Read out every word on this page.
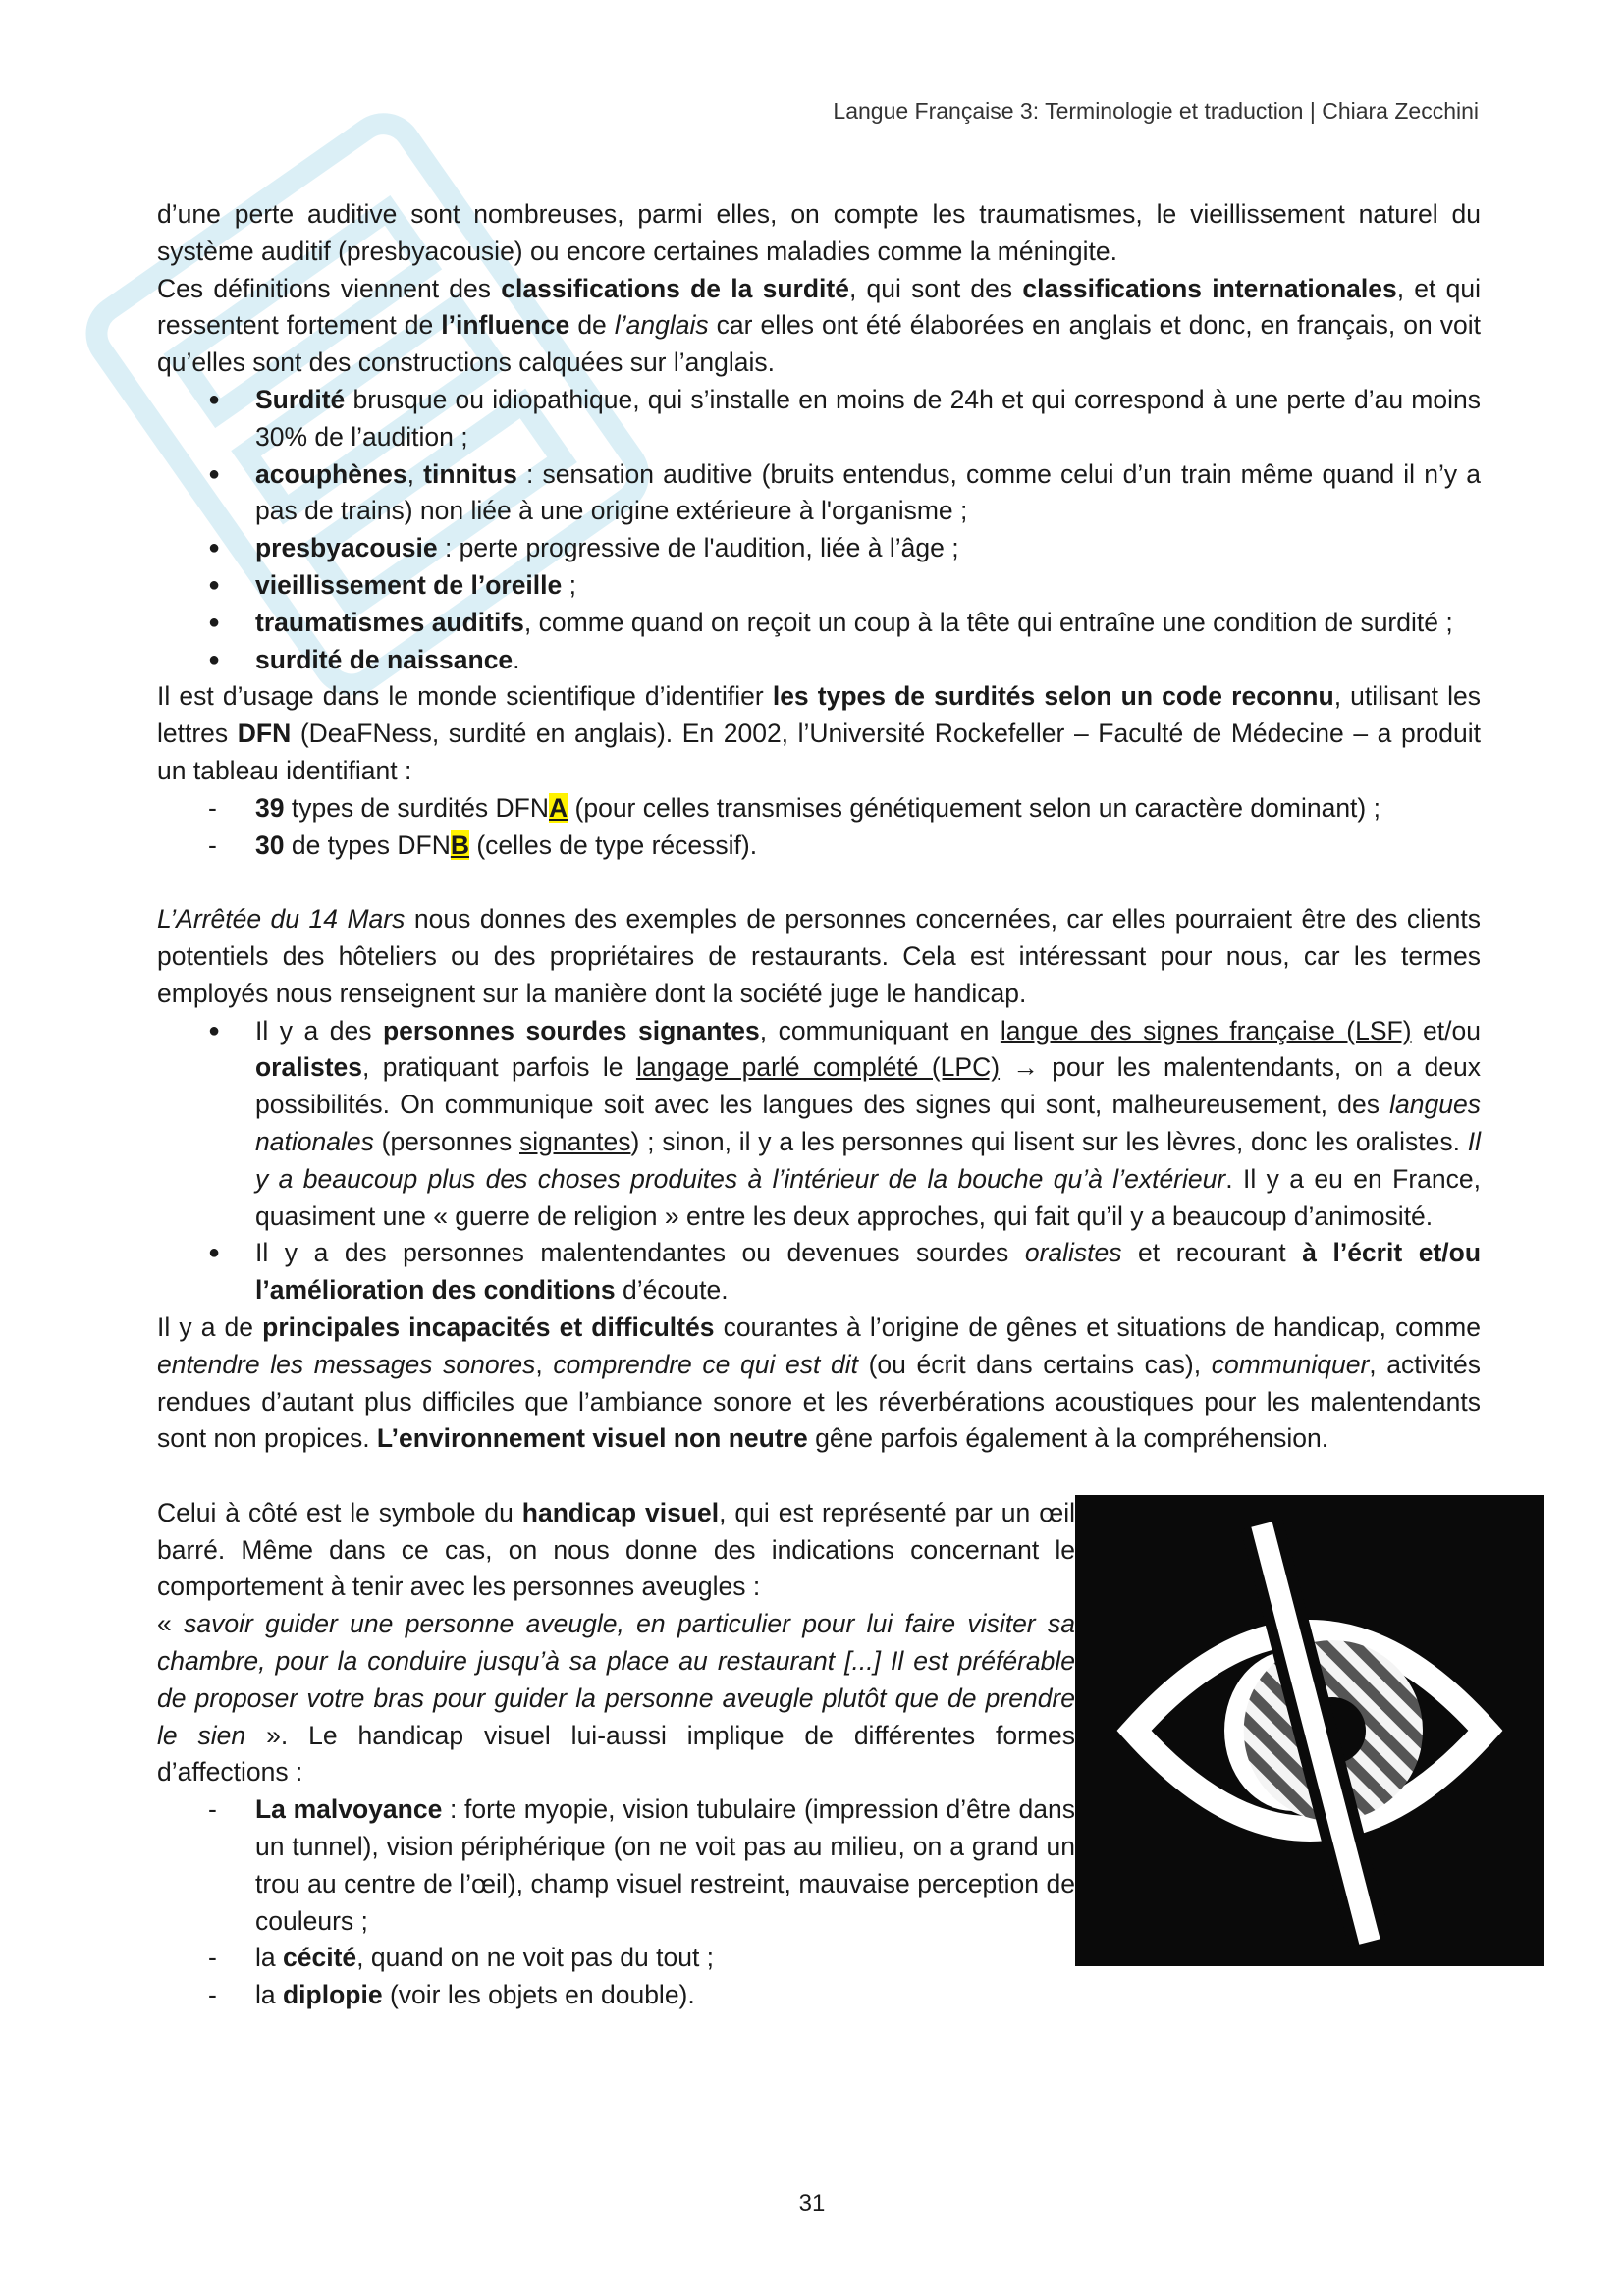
Langue Française 3: Terminologie et traduction | Chiara Zecchini

d’une perte auditive sont nombreuses, parmi elles, on compte les traumatismes, le vieillissement naturel du système auditif (presbyacousie) ou encore certaines maladies comme la méningite.

Ces définitions viennent des classifications de la surdité, qui sont des classifications internationales, et qui ressentent fortement de l’influence de l’anglais car elles ont été élaborées en anglais et donc, en français, on voit qu’elles sont des constructions calquées sur l’anglais.

● Surdité brusque ou idiopathique, qui s’installe en moins de 24h et qui correspond à une perte d’au moins 30% de l’audition ;
● acouphènes, tinnitus : sensation auditive (bruits entendus, comme celui d’un train même quand il n’y a pas de trains) non liée à une origine extérieure à l'organisme ;
● presbyacousie : perte progressive de l'audition, liée à l’âge ;
● vieillissement de l’oreille ;
● traumatismes auditifs, comme quand on reçoit un coup à la tête qui entraîne une condition de surdité ;
● surdité de naissance.

Il est d’usage dans le monde scientifique d’identifier les types de surdités selon un code reconnu, utilisant les lettres DFN (DeaFNess, surdité en anglais). En 2002, l’Université Rockefeller – Faculté de Médecine – a produit un tableau identifiant :

- 39 types de surdités DFNA (pour celles transmises génétiquement selon un caractère dominant) ;
- 30 de types DFNB (celles de type récessif).

L’Arrêtée du 14 Mars nous donnes des exemples de personnes concernées, car elles pourraient être des clients potentiels des hôteliers ou des propriétaires de restaurants. Cela est intéressant pour nous, car les termes employés nous renseignent sur la manière dont la société juge le handicap.

● Il y a des personnes sourdes signantes, communiquant en langue des signes française (LSF) et/ou oralistes, pratiquant parfois le langage parlé complété (LPC) → pour les malentendants, on a deux possibilités. On communique soit avec les langues des signes qui sont, malheureusement, des langues nationales (personnes signantes) ; sinon, il y a les personnes qui lisent sur les lèvres, donc les oralistes. Il y a beaucoup plus des choses produites à l’intérieur de la bouche qu’à l’extérieur. Il y a eu en France, quasiment une « guerre de religion » entre les deux approches, qui fait qu’il y a beaucoup d’animosité.
● Il y a des personnes malentendantes ou devenues sourdes oralistes et recourant à l’écrit et/ou l’amélioration des conditions d’écoute.

Il y a de principales incapacités et difficultés courantes à l’origine de gênes et situations de handicap, comme entendre les messages sonores, comprendre ce qui est dit (ou écrit dans certains cas), communiquer, activités rendues d’autant plus difficiles que l’ambiance sonore et les réverbérations acoustiques pour les malentendants sont non propices. L’environnement visuel non neutre gêne parfois également à la compréhension.

Celui à côté est le symbole du handicap visuel, qui est représenté par un œil barré. Même dans ce cas, on nous donne des indications concernant le comportement à tenir avec les personnes aveugles :
« savoir guider une personne aveugle, en particulier pour lui faire visiter sa chambre, pour la conduire jusqu’à sa place au restaurant [...] Il est préférable de proposer votre bras pour guider la personne aveugle plutôt que de prendre le sien ». Le handicap visuel lui-aussi implique de différentes formes d’affections :

- La malvoyance : forte myopie, vision tubulaire (impression d’être dans un tunnel), vision périphérique (on ne voit pas au milieu, on a grand un trou au centre de l’œil), champ visuel restreint, mauvaise perception de couleurs ;
- la cécité, quand on ne voit pas du tout ;
- la diplopie (voir les objets en double).
31
